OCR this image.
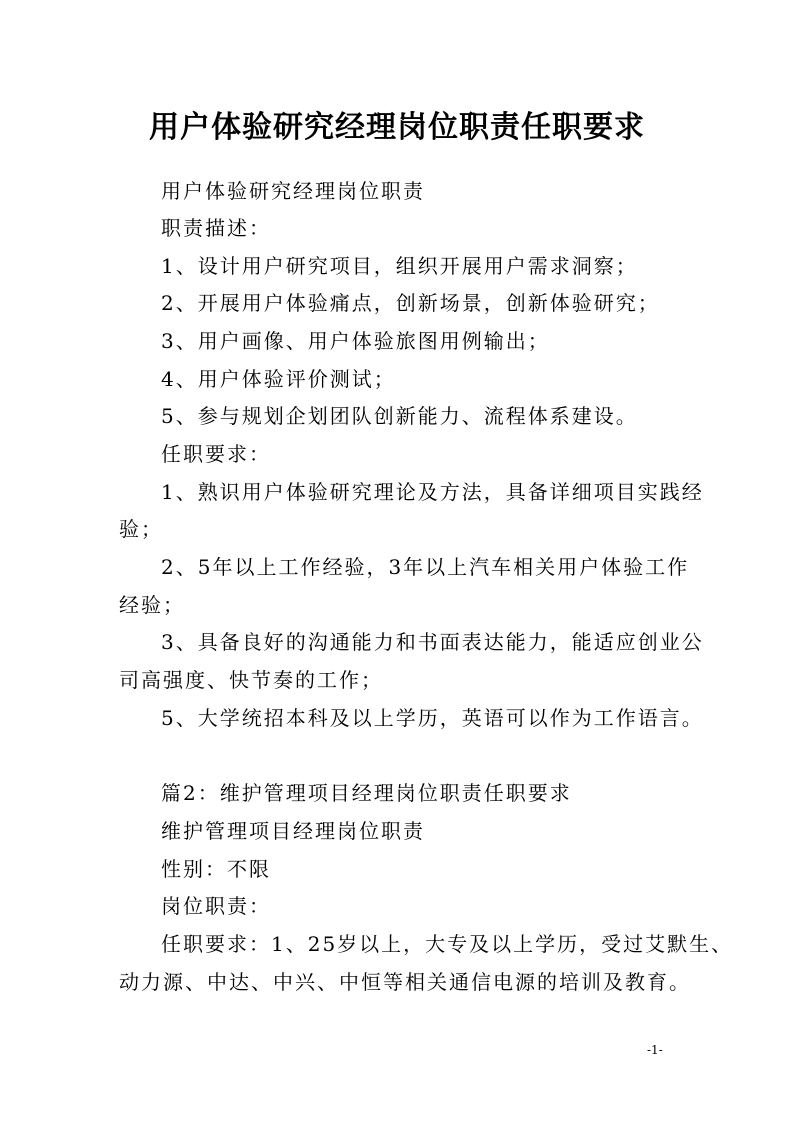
用户体验研究经理岗位职责任职要求
用户体验研究经理岗位职责
职责描述：
1、设计用户研究项目，组织开展用户需求洞察；
2、开展用户体验痛点，创新场景，创新体验研究；
3、用户画像、用户体验旅图用例输出；
4、用户体验评价测试；
5、参与规划企划团队创新能力、流程体系建设。
任职要求：
1、熟识用户体验研究理论及方法，具备详细项目实践经
验；
2、5年以上工作经验，3年以上汽车相关用户体验工作
经验；
3、具备良好的沟通能力和书面表达能力，能适应创业公
司高强度、快节奏的工作；
5、大学统招本科及以上学历，英语可以作为工作语言。
篇2：维护管理项目经理岗位职责任职要求
维护管理项目经理岗位职责
性别：不限
岗位职责：
任职要求：1、25岁以上，大专及以上学历，受过艾默生、
动力源、中达、中兴、中恒等相关通信电源的培训及教育。
-1-
